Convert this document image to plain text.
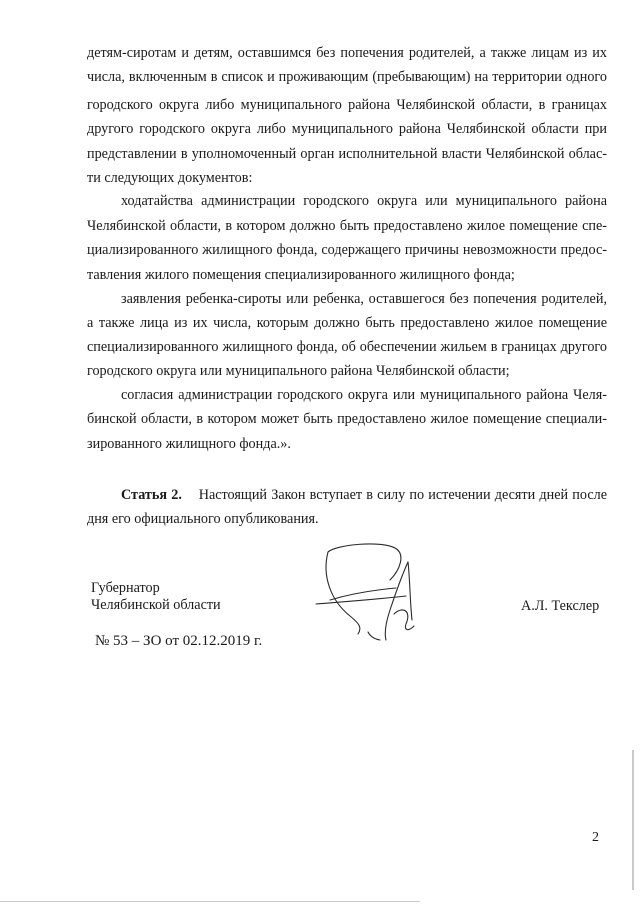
детям-сиротам и детям, оставшимся без попечения родителей, а также лицам из их
числа, включенным в список и проживающим (пребывающим) на территории одного
городского округа либо муниципального района Челябинской области, в границах
другого городского округа либо муниципального района Челябинской области при
представлении в уполномоченный орган исполнительной власти Челябинской облас-
ти следующих документов:
ходатайства администрации городского округа или муниципального района
Челябинской области, в котором должно быть предоставлено жилое помещение спе-
циализированного жилищного фонда, содержащего причины невозможности предос-
тавления жилого помещения специализированного жилищного фонда;
заявления ребенка-сироты или ребенка, оставшегося без попечения родителей,
а также лица из их числа, которым должно быть предоставлено жилое помещение
специализированного жилищного фонда, об обеспечении жильем в границах другого
городского округа или муниципального района Челябинской области;
согласия администрации городского округа или муниципального района Челя-
бинской области, в котором может быть предоставлено жилое помещение специали-
зированного жилищного фонда.».
Статья 2. Настоящий Закон вступает в силу по истечении десяти дней после
дня его официального опубликования.
Губернатор
Челябинской области	А.Л. Текслер
№ 53 – ЗО от 02.12.2019 г.
2
